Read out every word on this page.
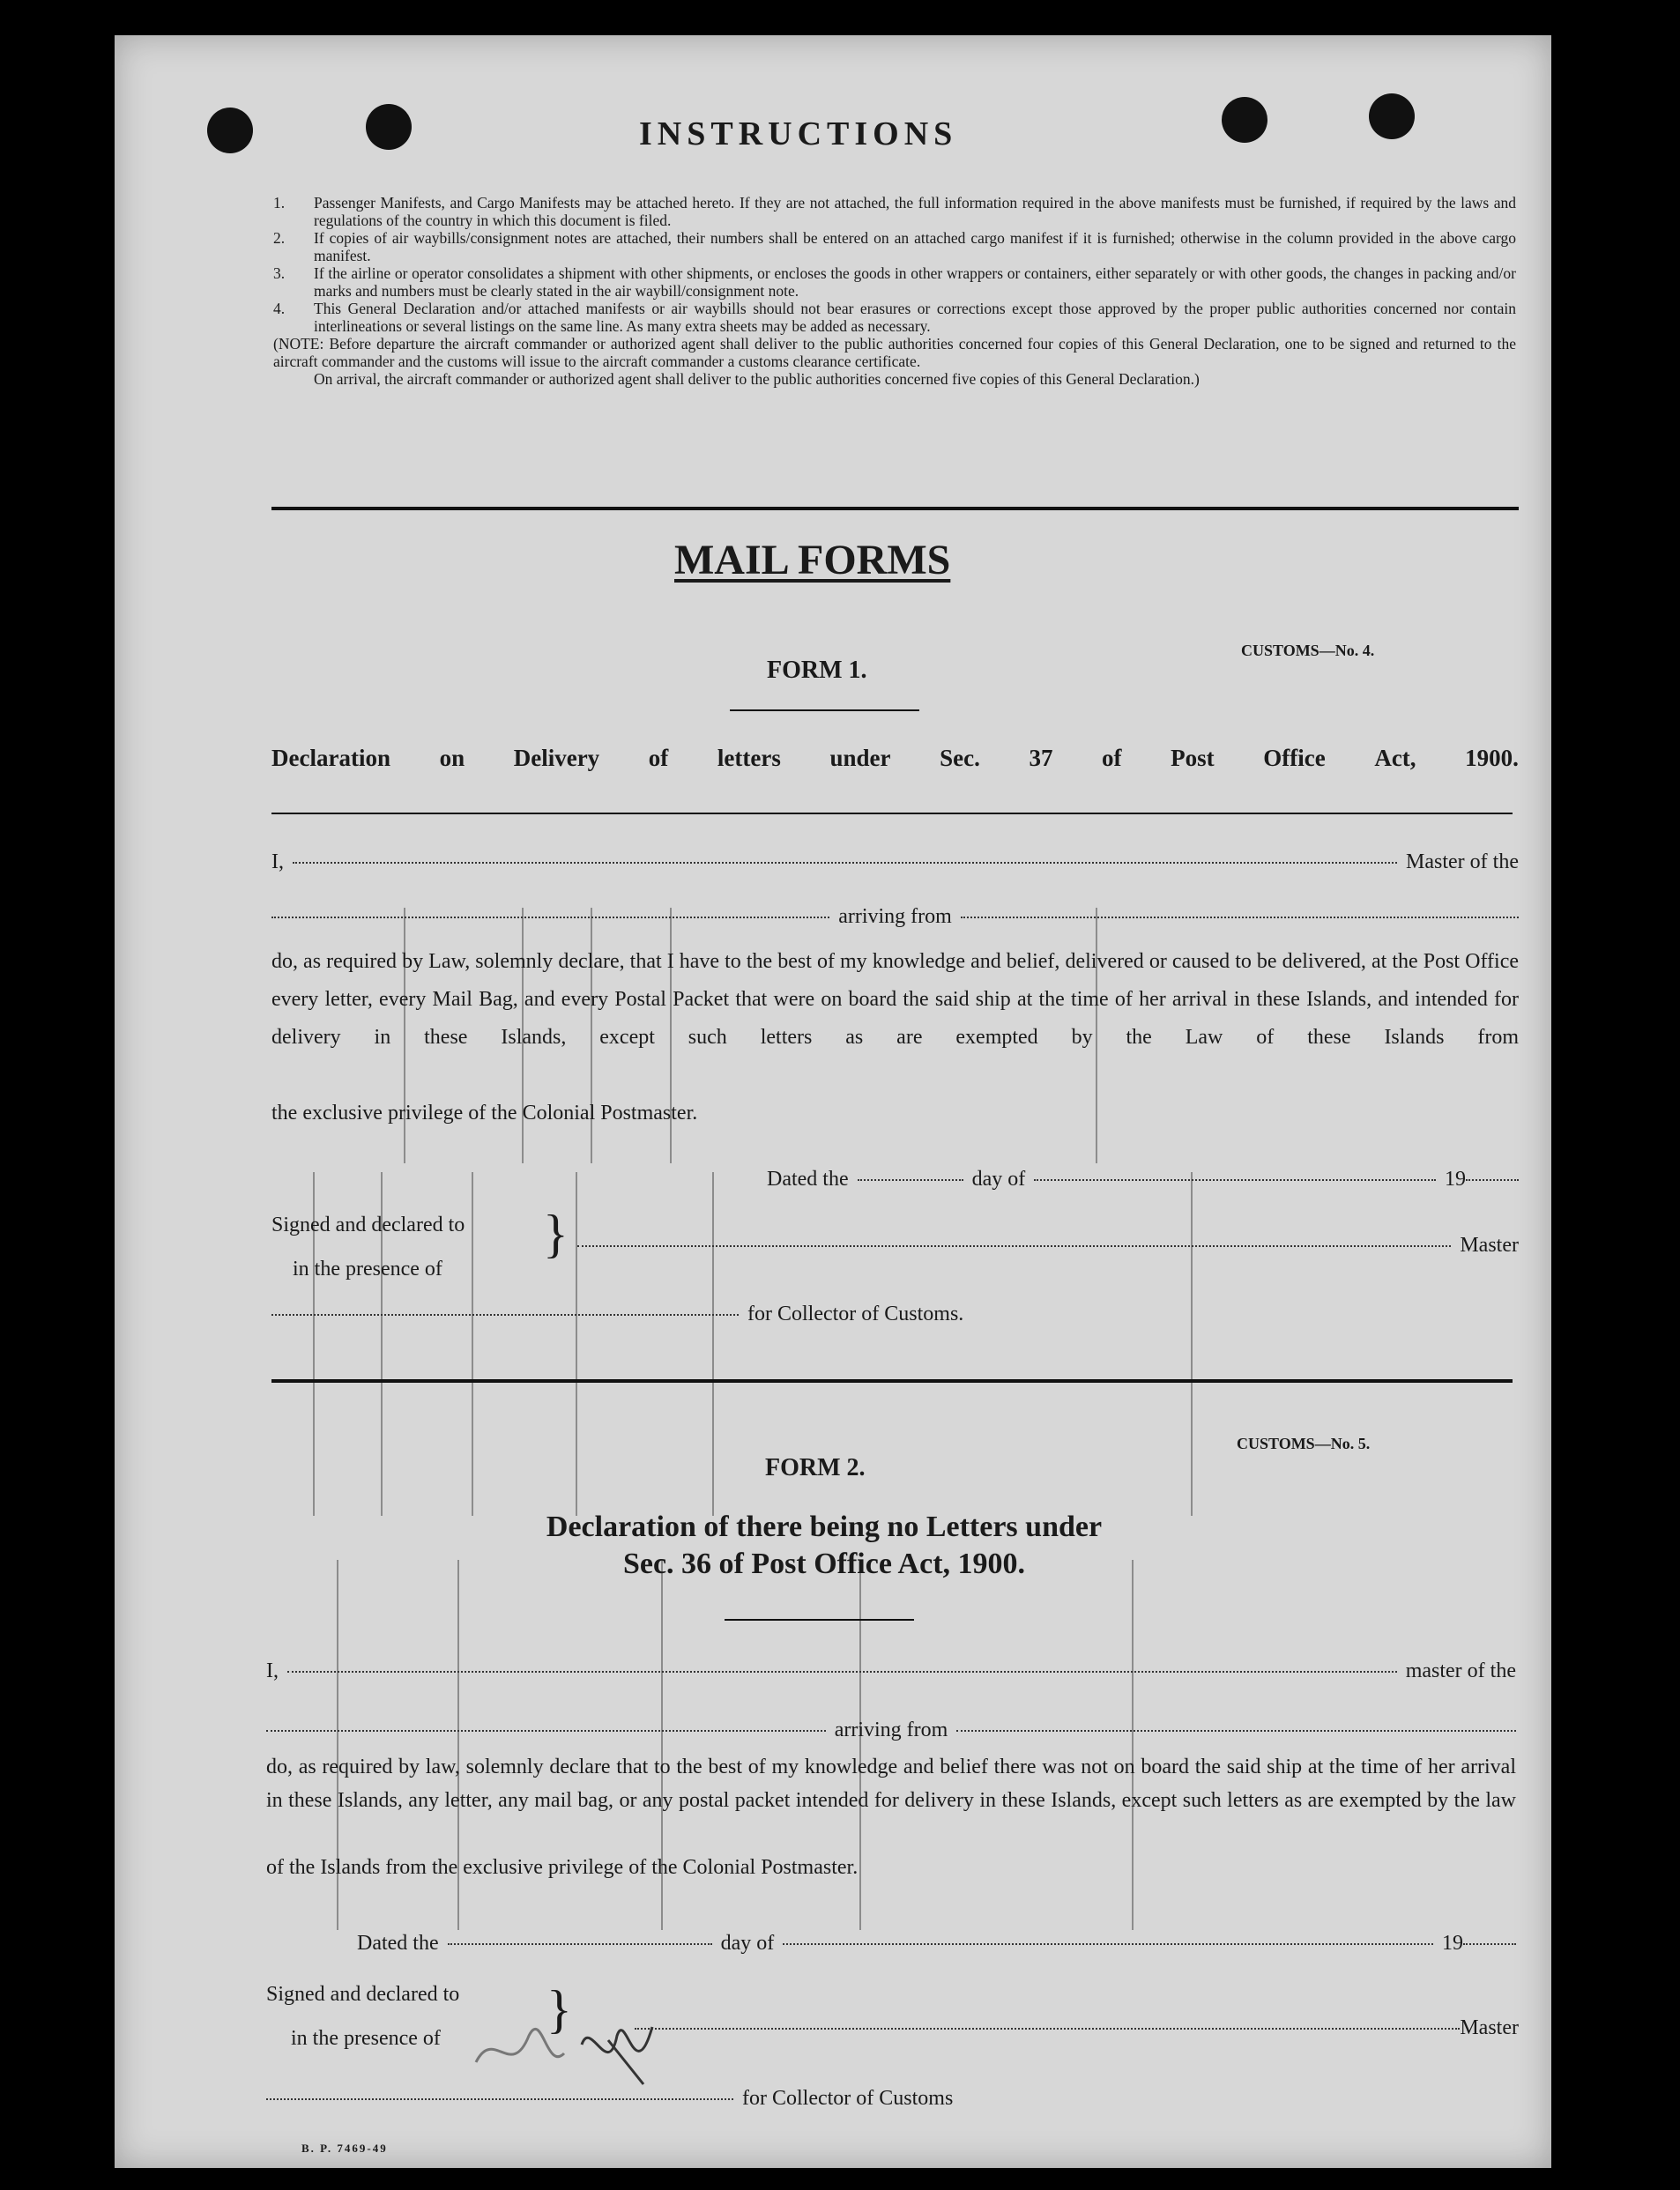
INSTRUCTIONS
1.	Passenger Manifests, and Cargo Manifests may be attached hereto. If they are not attached, the full information required in the above manifests must be furnished, if required by the laws and regulations of the country in which this document is filed.
2.	If copies of air waybills/consignment notes are attached, their numbers shall be entered on an attached cargo manifest if it is furnished; otherwise in the column provided in the above cargo manifest.
3.	If the airline or operator consolidates a shipment with other shipments, or encloses the goods in other wrappers or containers, either separately or with other goods, the changes in packing and/or marks and numbers must be clearly stated in the air waybill/consignment note.
4.	This General Declaration and/or attached manifests or air waybills should not bear erasures or corrections except those approved by the proper public authorities concerned nor contain interlineations or several listings on the same line. As many extra sheets may be added as necessary.
(NOTE: Before departure the aircraft commander or authorized agent shall deliver to the public authorities concerned four copies of this General Declaration, one to be signed and returned to the aircraft commander and the customs will issue to the aircraft commander a customs clearance certificate.
On arrival, the aircraft commander or authorized agent shall deliver to the public authorities concerned five copies of this General Declaration.)
MAIL FORMS
CUSTOMS—No. 4.
FORM 1.
Declaration on Delivery of letters under Sec. 37 of Post Office Act, 1900.
I,	Master of the
arriving from
do, as required by Law, solemnly declare, that I have to the best of my knowledge and belief, delivered or caused to be delivered, at the Post Office every letter, every Mail Bag, and every Postal Packet that were on board the said ship at the time of her arrival in these Islands, and intended for delivery in these Islands, except such letters as are exempted by the Law of these Islands from
the exclusive privilege of the Colonial Postmaster.
Dated the	day of	19
Signed and declared to
in the presence of
}	Master
for Collector of Customs.
CUSTOMS—No. 5.
FORM 2.
Declaration of there being no Letters under
Sec. 36 of Post Office Act, 1900.
I,	master of the
arriving from
do, as required by law, solemnly declare that to the best of my knowledge and belief there was not on board the said ship at the time of her arrival in these Islands, any letter, any mail bag, or any postal packet intended for delivery in these Islands, except such letters as are exempted by the law
of the Islands from the exclusive privilege of the Colonial Postmaster.
Dated the	day of	19
Signed and declared to
in the presence of	}	Master
for Collector of Customs
B. P. 7469-49
